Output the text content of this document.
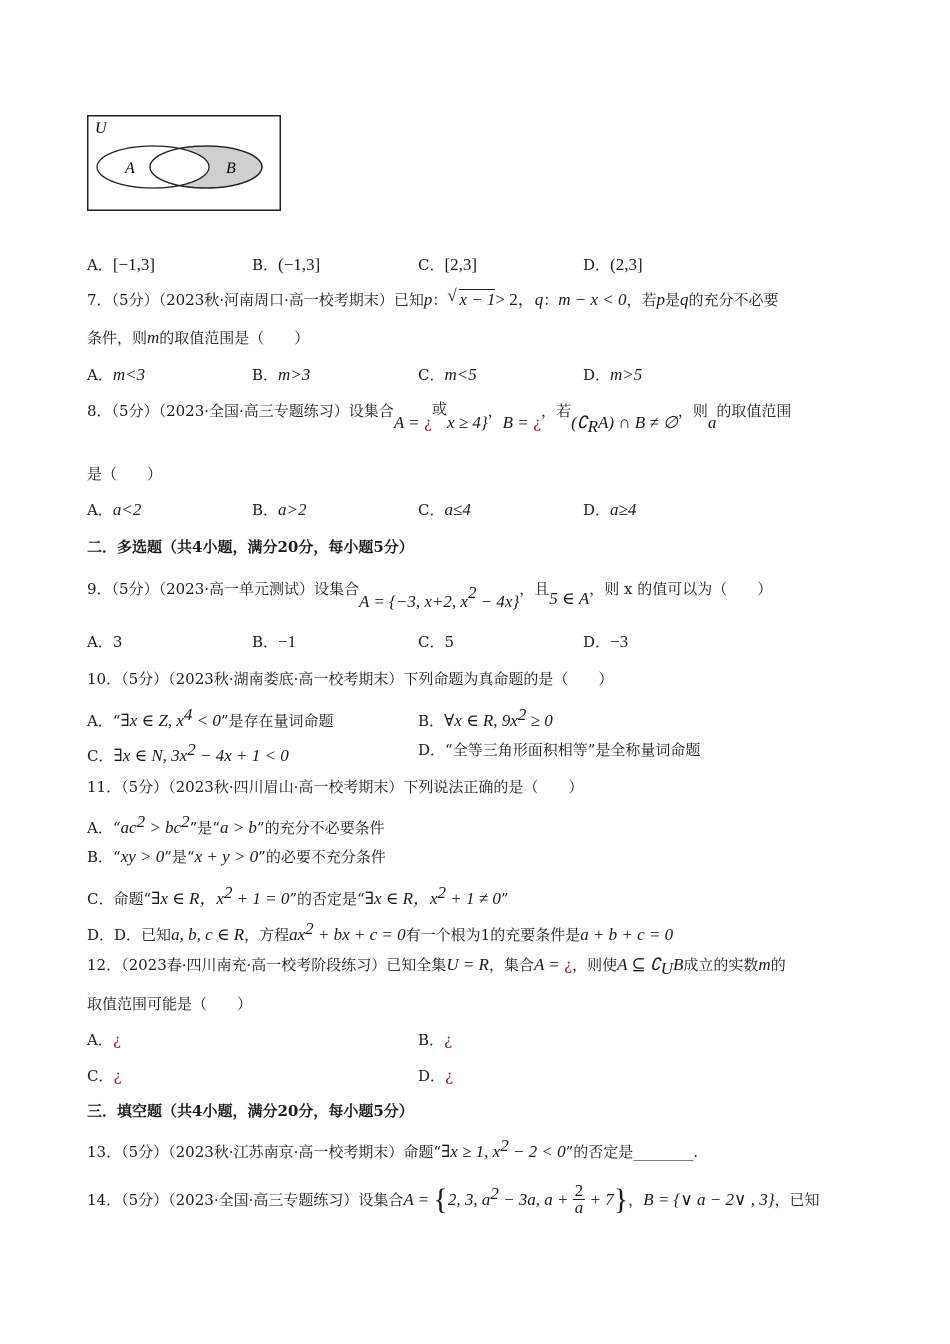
U
A	B
A．[−1,3]	B．(−1,3]	C．[2,3]	D．(2,3]
7．（5分）（2023秋·河南周口·高一校考期末）已知p： √ x − 1> 2，q：m − x < 0，若p是q的充分不必要
条件，则m的取值范围是（　　）
A．m<3	B．m>3	C．m<5	D．m>5
8．（5分）（2023·全国·高三专题练习）设集合A = ¿或x ≥ 4}，B = ¿，若$(∁_RA)$ ∩ B ≠ ∅，则a的取值范围
是（　　）
A．a<2	B．a>2	C．a≤4	D．a≥4
二．多选题（共4小题，满分20分，每小题5分）
9．（5分）（2023·高一单元测试）设集合A = {−3, x+2, $x^2 - 4x$}，且5 ∈ A，则 x 的值可以为（　　）
A．3	B．−1	C．5	D．−3
10．（5分）（2023秋·湖南娄底·高一校考期末）下列命题为真命题的是（　　）
A．“∃x ∈ Z, $x^4 < 0$”是存在量词命题	B．∀x ∈ R, $9x^2 \ge 0$
C．∃x ∈ N, $3x^2 - 4x + 1 < 0$	D．“全等三角形面积相等”是全称量词命题
11．（5分）（2023秋·四川眉山·高一校考期末）下列说法正确的是（　　）
A．“$ac^2 > bc^2$”是“a > b”的充分不必要条件
B．“xy > 0”是“x + y > 0”的必要不充分条件
C．命题“∃x ∈ R，$x^2 + 1 = 0$”的否定是“∃x ∈ R，$x^2 + 1 \ne 0$”
D．D．已知a, b, c ∈ R，方程$ax^2$ + bx + c = 0有一个根为1的充要条件是a + b + c = 0
12．（2023春·四川南充·高一校考阶段练习）已知全集U = R，集合A = ¿，则使A ⊆ $∁_UB$成立的实数m的
取值范围可能是（　　）
A．¿	B．¿
C．¿	D．¿
三．填空题（共4小题，满分20分，每小题5分）
13．（5分）（2023秋·江苏南京·高一校考期末）命题“∃x ≥ 1, $x^2 - 2 < 0$”的否定是________.
14．（5分）（2023·全国·高三专题练习）设集合A = {2, 3, $a^2 - 3a$, $a + \frac{2}{a} + 7$}，B = {∨ a − 2∨ , 3}，已知
